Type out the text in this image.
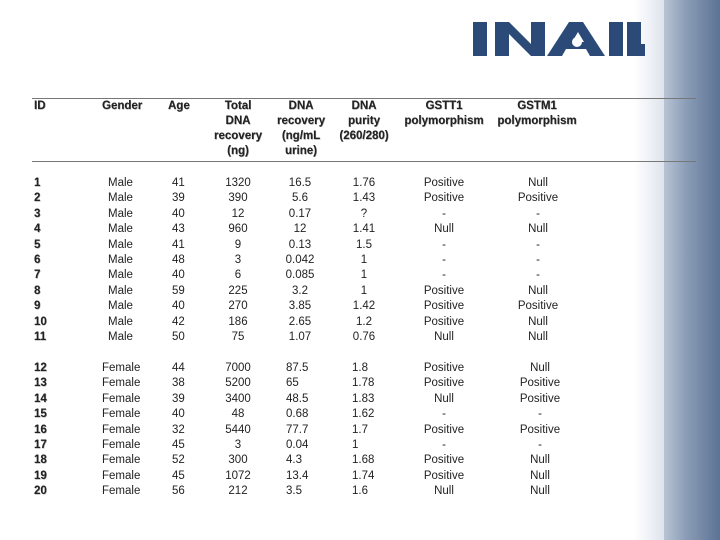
ID	Gender Age	Total
DNA
recovery
(ng)
DNA
recovery
(ng/mL
urine)
DNA
purity
(260/280)
GSTT1
polymorphism
GSTM1
polymorphism
1
2
3
4
5
6
7
8
9
10
11
Male
Male
Male
Male
Male
Male
Male
Male
Male
Male
Male
41
39
40
43
41
48
40
59
40
42
50
1320
390
12
960
9
3
6
225
270
186
75
16.5
5.6
0.17
12
0.13
0.042
0.085
3.2
3.85
2.65
1.07
1.76
1.43
?
1.41
1.5
1
1
1
1.42
1.2
0.76
Positive
Positive
-
Null
-
-
-
Positive
Positive
Positive
Null
Null
Positive
-
Null
-
-
-
Null
Positive
Null
Null
12
13
14
15
16
17
18
19
20
Female
Female
Female
Female
Female
Female
Female
Female
Female
44
38
39
40
32
45
52
45
56
7000
5200
3400
48
5440
3
300
1072
212
87.5
65
48.5
0.68
77.7
0.04
4.3
13.4
3.5
1.8
1.78
1.83
1.62
1.7
1
1.68
1.74
1.6
Positive
Positive
Null
-
Positive
-
Positive
Positive
Null
Null
Positive
Positive
-
Positive
-
Null
Null
Null
